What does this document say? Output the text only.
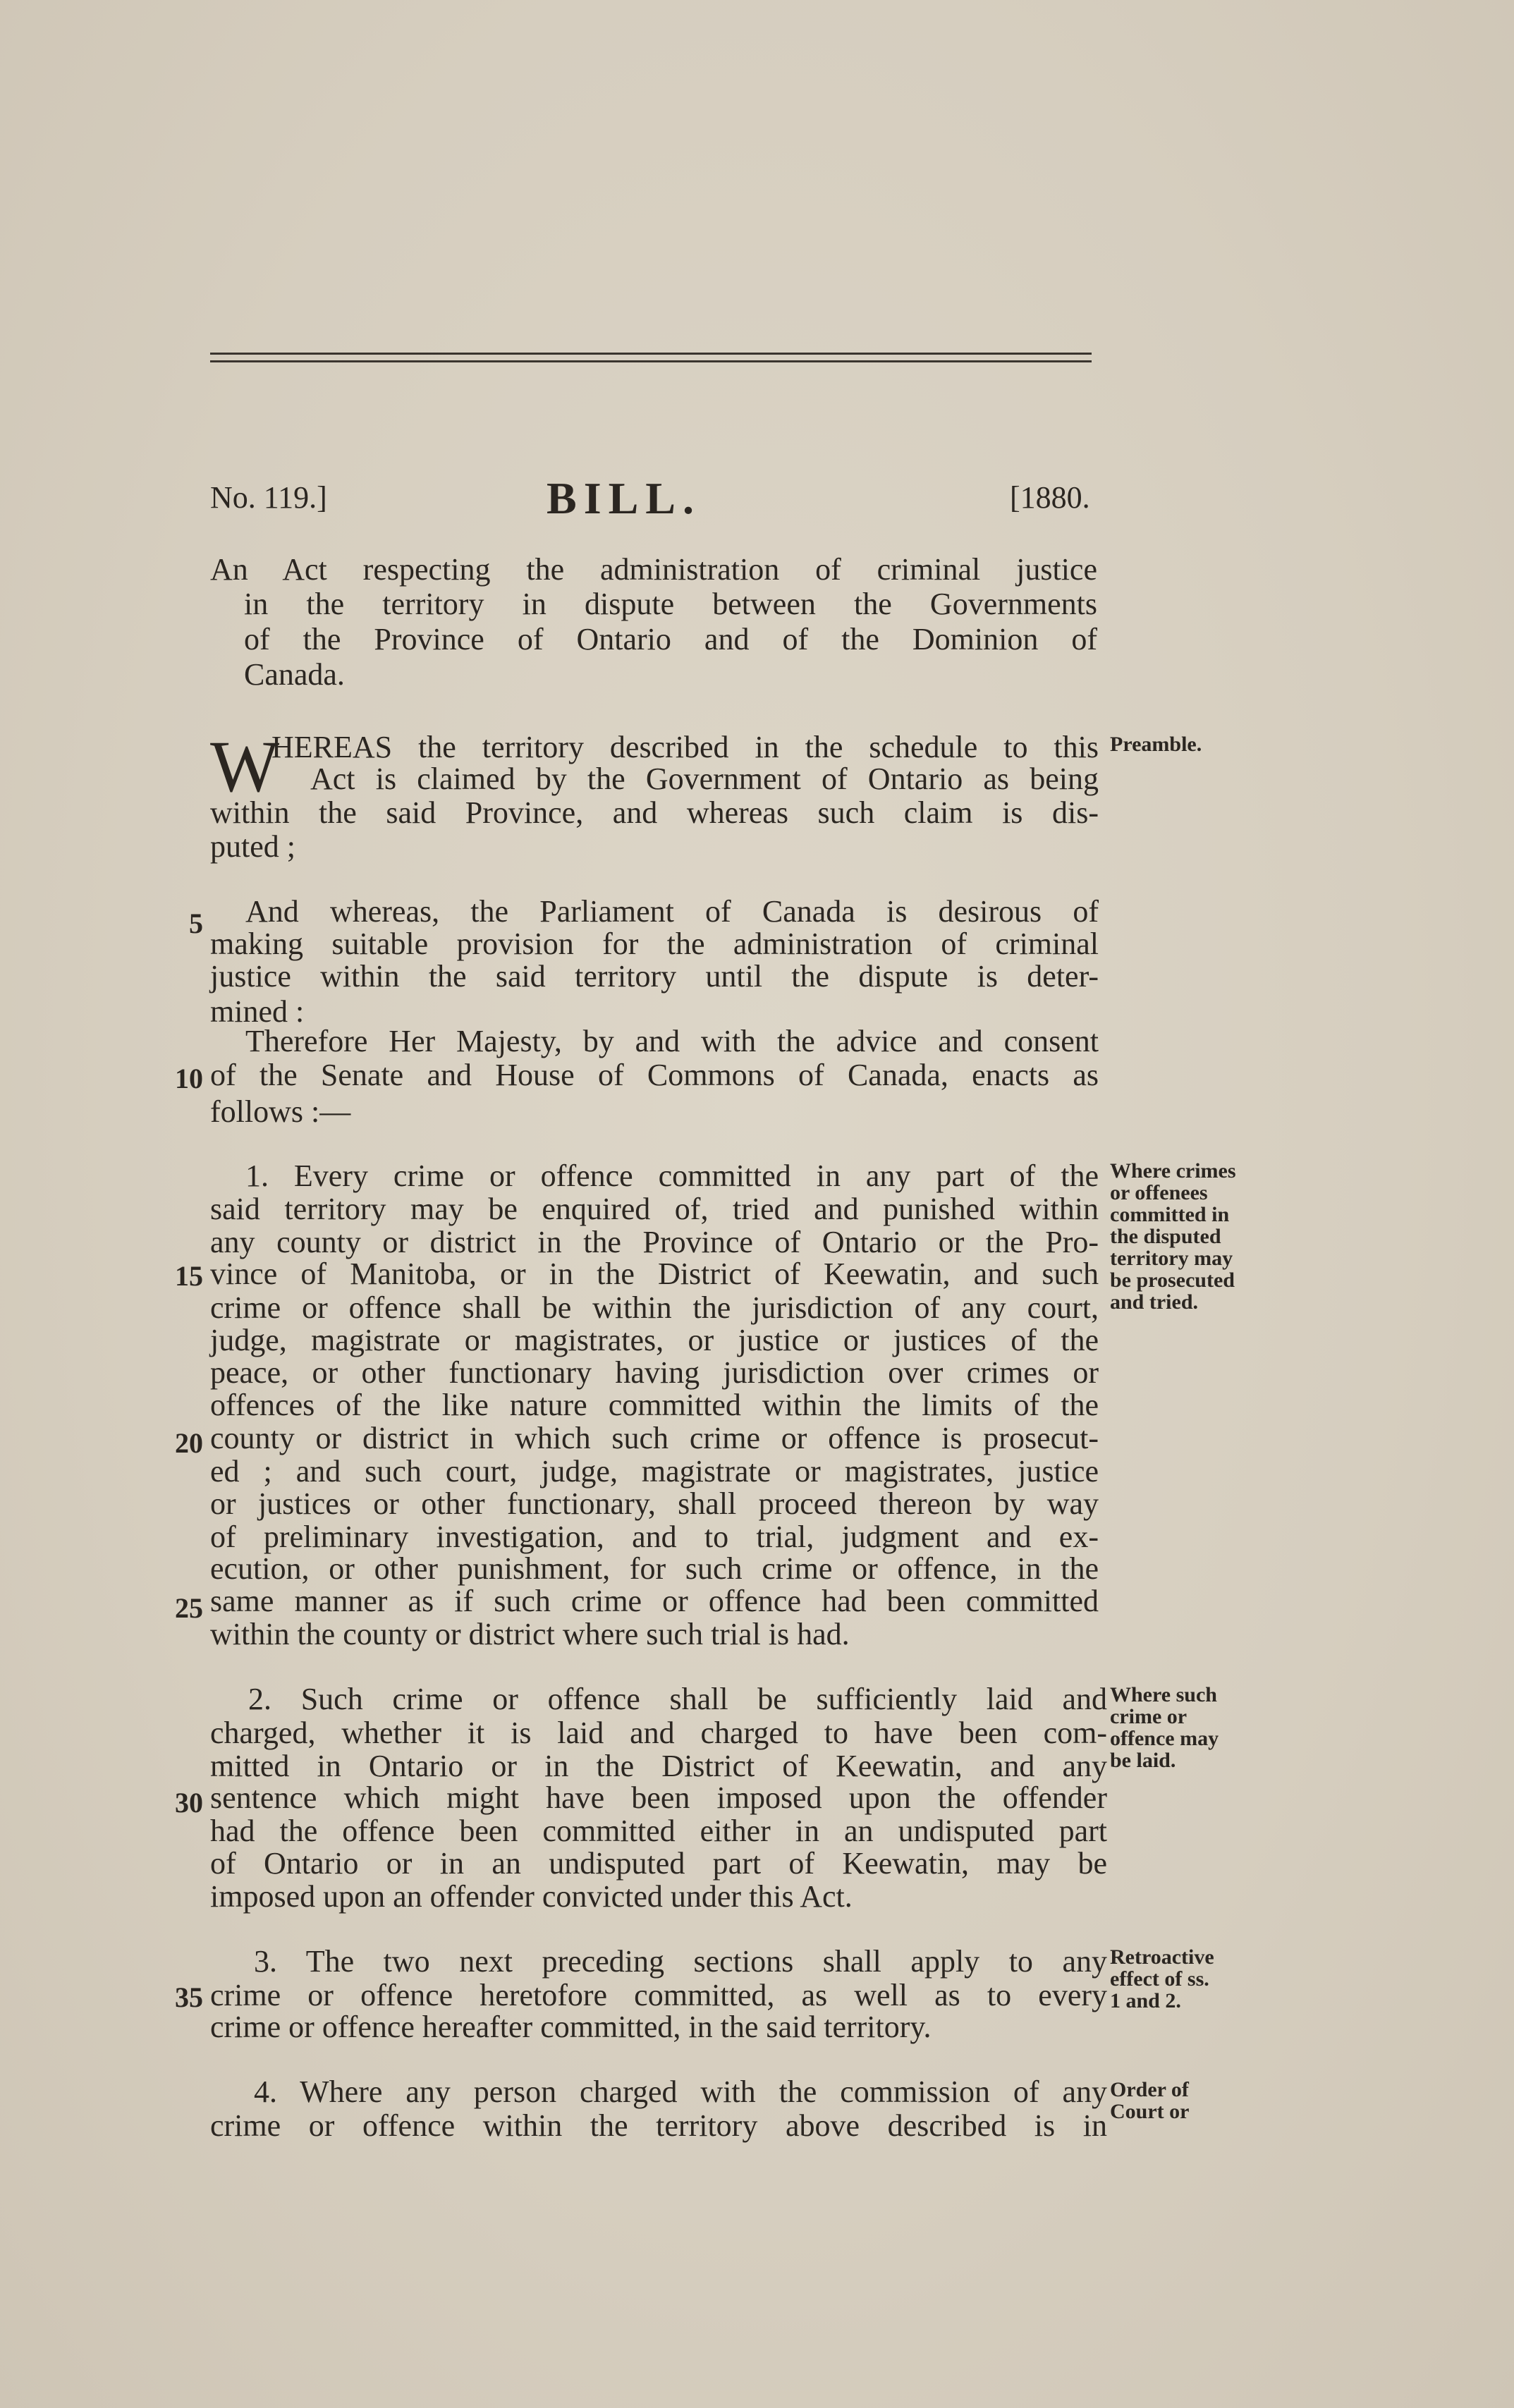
No. 119.]	BILL.	[1880.
An Act respecting the administration of criminal justice
in the territory in dispute between the Governments
of the Province of Ontario and of the Dominion of
Canada.
W
HEREAS the territory described in the schedule to this
Act is claimed by the Government of Ontario as being
within the said Province, and whereas such claim is dis-
puted ;
Preamble.
5 And whereas, the Parliament of Canada is desirous of
making suitable provision for the administration of criminal
justice within the said territory until the dispute is deter-
mined :
Therefore Her Majesty, by and with the advice and consent
10 of the Senate and House of Commons of Canada, enacts as
follows :—
1. Every crime or offence committed in any part of the
said territory may be enquired of, tried and punished within
any county or district in the Province of Ontario or the Pro-
15 vince of Manitoba, or in the District of Keewatin, and such
crime or offence shall be within the jurisdiction of any court,
judge, magistrate or magistrates, or justice or justices of the
peace, or other functionary having jurisdiction over crimes or
offences of the like nature committed within the limits of the
20 county or district in which such crime or offence is prosecut-
ed ; and such court, judge, magistrate or magistrates, justice
or justices or other functionary, shall proceed thereon by way
of preliminary investigation, and to trial, judgment and ex-
ecution, or other punishment, for such crime or offence, in the
25 same manner as if such crime or offence had been committed
within the county or district where such trial is had.
Where crimes
or offenees
committed in
the disputed
territory may
be prosecuted
and tried.
2. Such crime or offence shall be sufficiently laid and
charged, whether it is laid and charged to have been com-
mitted in Ontario or in the District of Keewatin, and any
30 sentence which might have been imposed upon the offender
had the offence been committed either in an undisputed part
of Ontario or in an undisputed part of Keewatin, may be
imposed upon an offender convicted under this Act.
Where such
crime or
offence may
be laid.
3. The two next preceding sections shall apply to any
35 crime or offence heretofore committed, as well as to every
crime or offence hereafter committed, in the said territory.
Retroactive
effect of ss.
1 and 2.
4. Where any person charged with the commission of any
crime or offence within the territory above described is in
Order of
Court or
